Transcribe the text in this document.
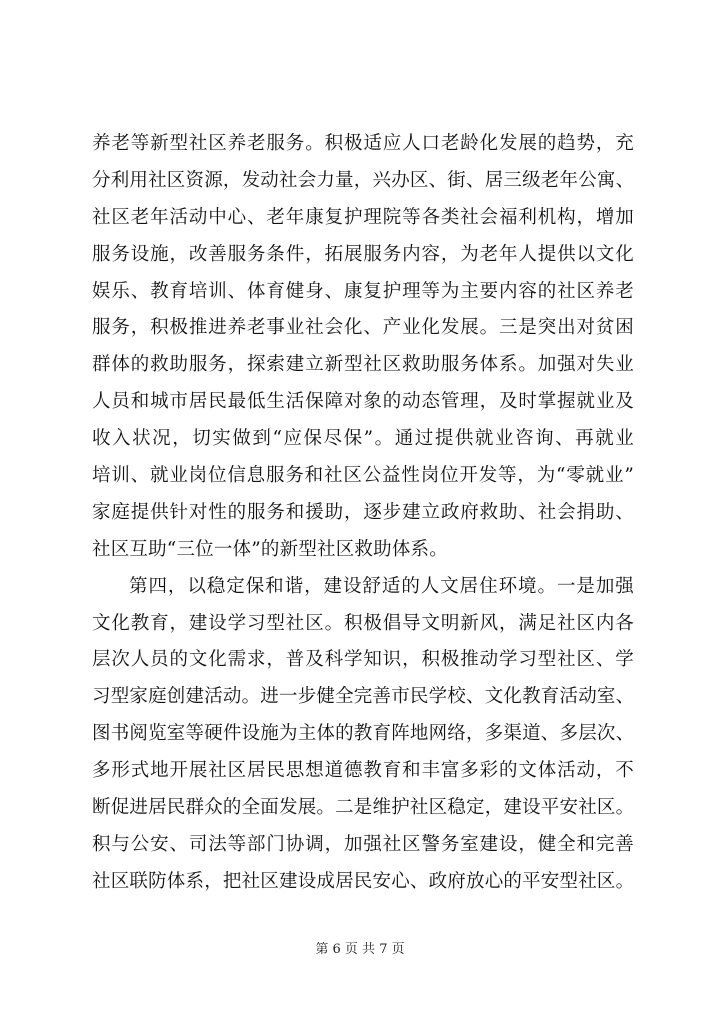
养老等新型社区养老服务。积极适应人口老龄化发展的趋势，充
分利用社区资源，发动社会力量，兴办区、街、居三级老年公寓、
社区老年活动中心、老年康复护理院等各类社会福利机构，增加
服务设施，改善服务条件，拓展服务内容，为老年人提供以文化
娱乐、教育培训、体育健身、康复护理等为主要内容的社区养老
服务，积极推进养老事业社会化、产业化发展。三是突出对贫困
群体的救助服务，探索建立新型社区救助服务体系。加强对失业
人员和城市居民最低生活保障对象的动态管理，及时掌握就业及
收入状况，切实做到“应保尽保”。通过提供就业咨询、再就业
培训、就业岗位信息服务和社区公益性岗位开发等，为“零就业”
家庭提供针对性的服务和援助，逐步建立政府救助、社会捐助、
社区互助“三位一体”的新型社区救助体系。
第四，以稳定保和谐，建设舒适的人文居住环境。一是加强
文化教育，建设学习型社区。积极倡导文明新风，满足社区内各
层次人员的文化需求，普及科学知识，积极推动学习型社区、学
习型家庭创建活动。进一步健全完善市民学校、文化教育活动室、
图书阅览室等硬件设施为主体的教育阵地网络，多渠道、多层次、
多形式地开展社区居民思想道德教育和丰富多彩的文体活动，不
断促进居民群众的全面发展。二是维护社区稳定，建设平安社区。
积与公安、司法等部门协调，加强社区警务室建设，健全和完善
社区联防体系，把社区建设成居民安心、政府放心的平安型社区。
第 6 页 共 7 页
